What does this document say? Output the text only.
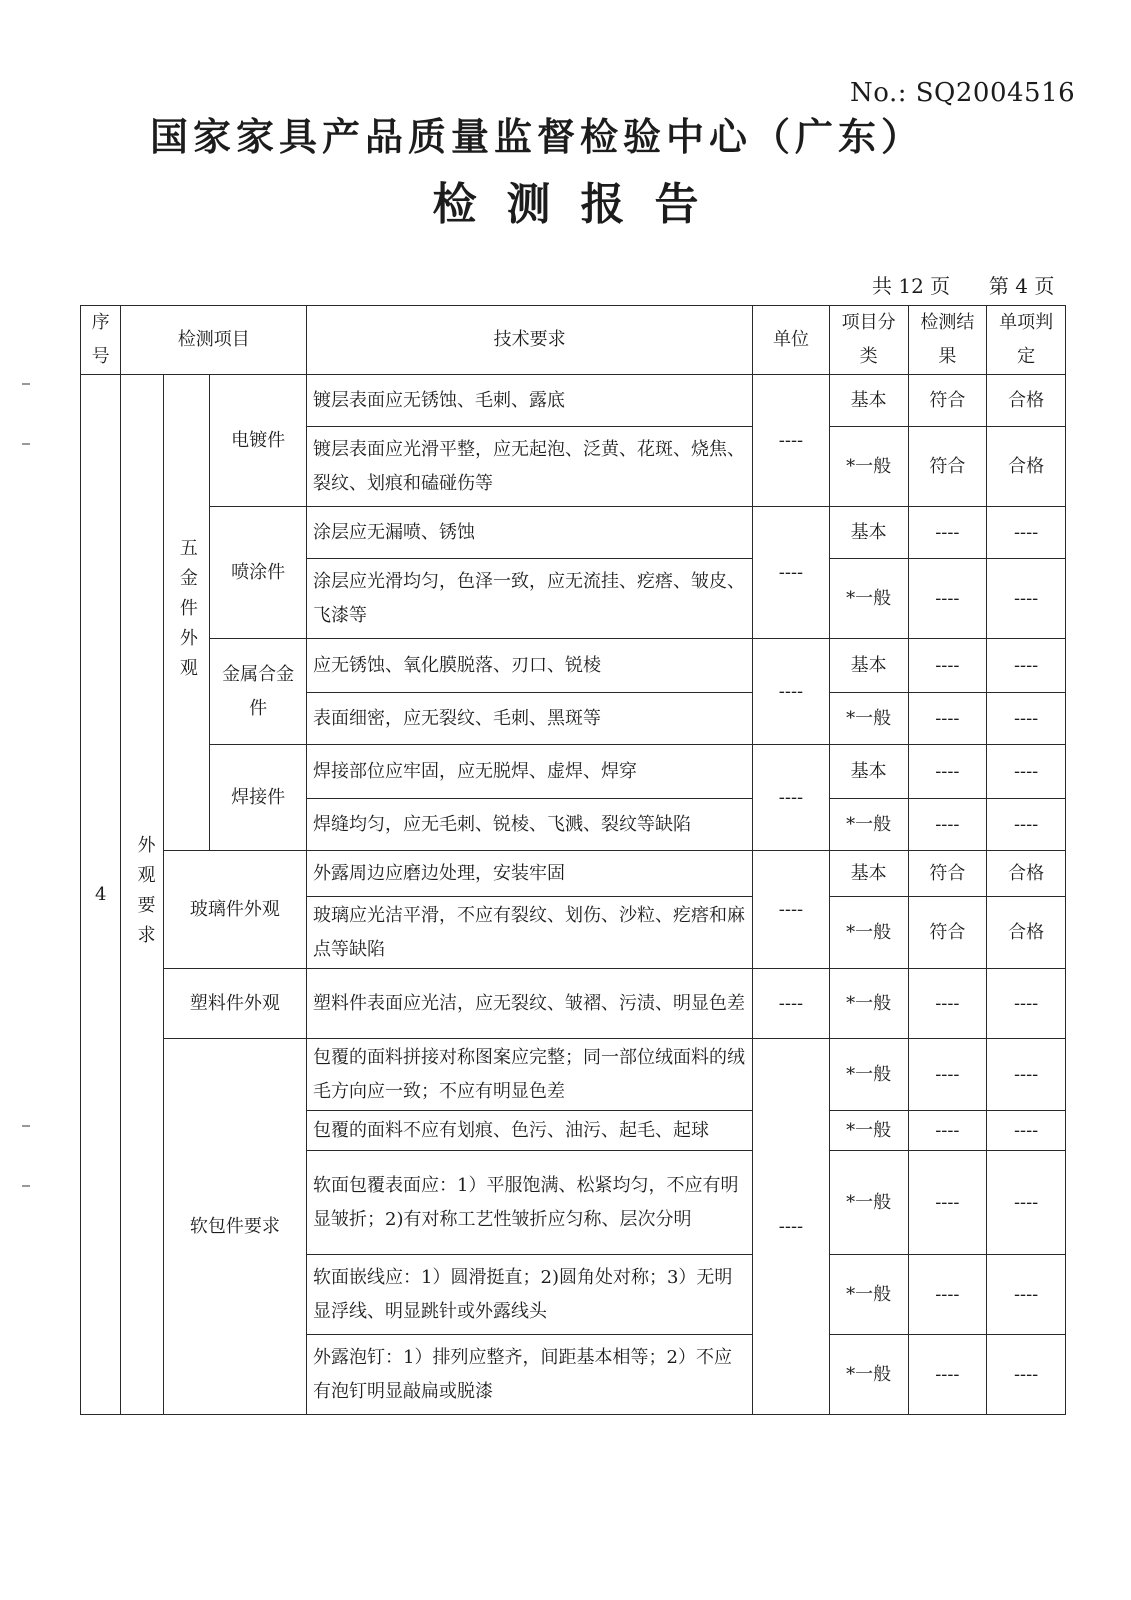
No.: SQ2004516
国家家具产品质量监督检验中心（广东）
检测报告
共 12 页 第 4 页
序号	检测项目			技术要求	单位	项目分类	检测结果	单项判定
4	外观要求	五金件外观	电镀件	镀层表面应无锈蚀、毛刺、露底	----	基本	符合	合格
				镀层表面应光滑平整，应无起泡、泛黄、花斑、烧焦、裂纹、划痕和磕碰伤等		*一般	符合	合格
			喷涂件	涂层应无漏喷、锈蚀	----	基本	----	----
				涂层应光滑均匀，色泽一致，应无流挂、疙瘩、皱皮、飞漆等		*一般	----	----
			金属合金件	应无锈蚀、氧化膜脱落、刃口、锐棱	----	基本	----	----
				表面细密，应无裂纹、毛刺、黑斑等		*一般	----	----
			焊接件	焊接部位应牢固，应无脱焊、虚焊、焊穿	----	基本	----	----
				焊缝均匀，应无毛刺、锐棱、飞溅、裂纹等缺陷		*一般	----	----
		玻璃件外观		外露周边应磨边处理，安装牢固	----	基本	符合	合格
				玻璃应光洁平滑，不应有裂纹、划伤、沙粒、疙瘩和麻点等缺陷		*一般	符合	合格
		塑料件外观		塑料件表面应光洁，应无裂纹、皱褶、污渍、明显色差	----	*一般	----	----
		软包件要求		包覆的面料拼接对称图案应完整；同一部位绒面料的绒毛方向应一致；不应有明显色差	----	*一般	----	----
				包覆的面料不应有划痕、色污、油污、起毛、起球		*一般	----	----
				软面包覆表面应：1）平服饱满、松紧均匀，不应有明显皱折；2)有对称工艺性皱折应匀称、层次分明		*一般	----	----
				软面嵌线应：1）圆滑挺直；2)圆角处对称；3）无明显浮线、明显跳针或外露线头		*一般	----	----
				外露泡钉：1）排列应整齐，间距基本相等；2）不应有泡钉明显敲扁或脱漆		*一般	----	----
